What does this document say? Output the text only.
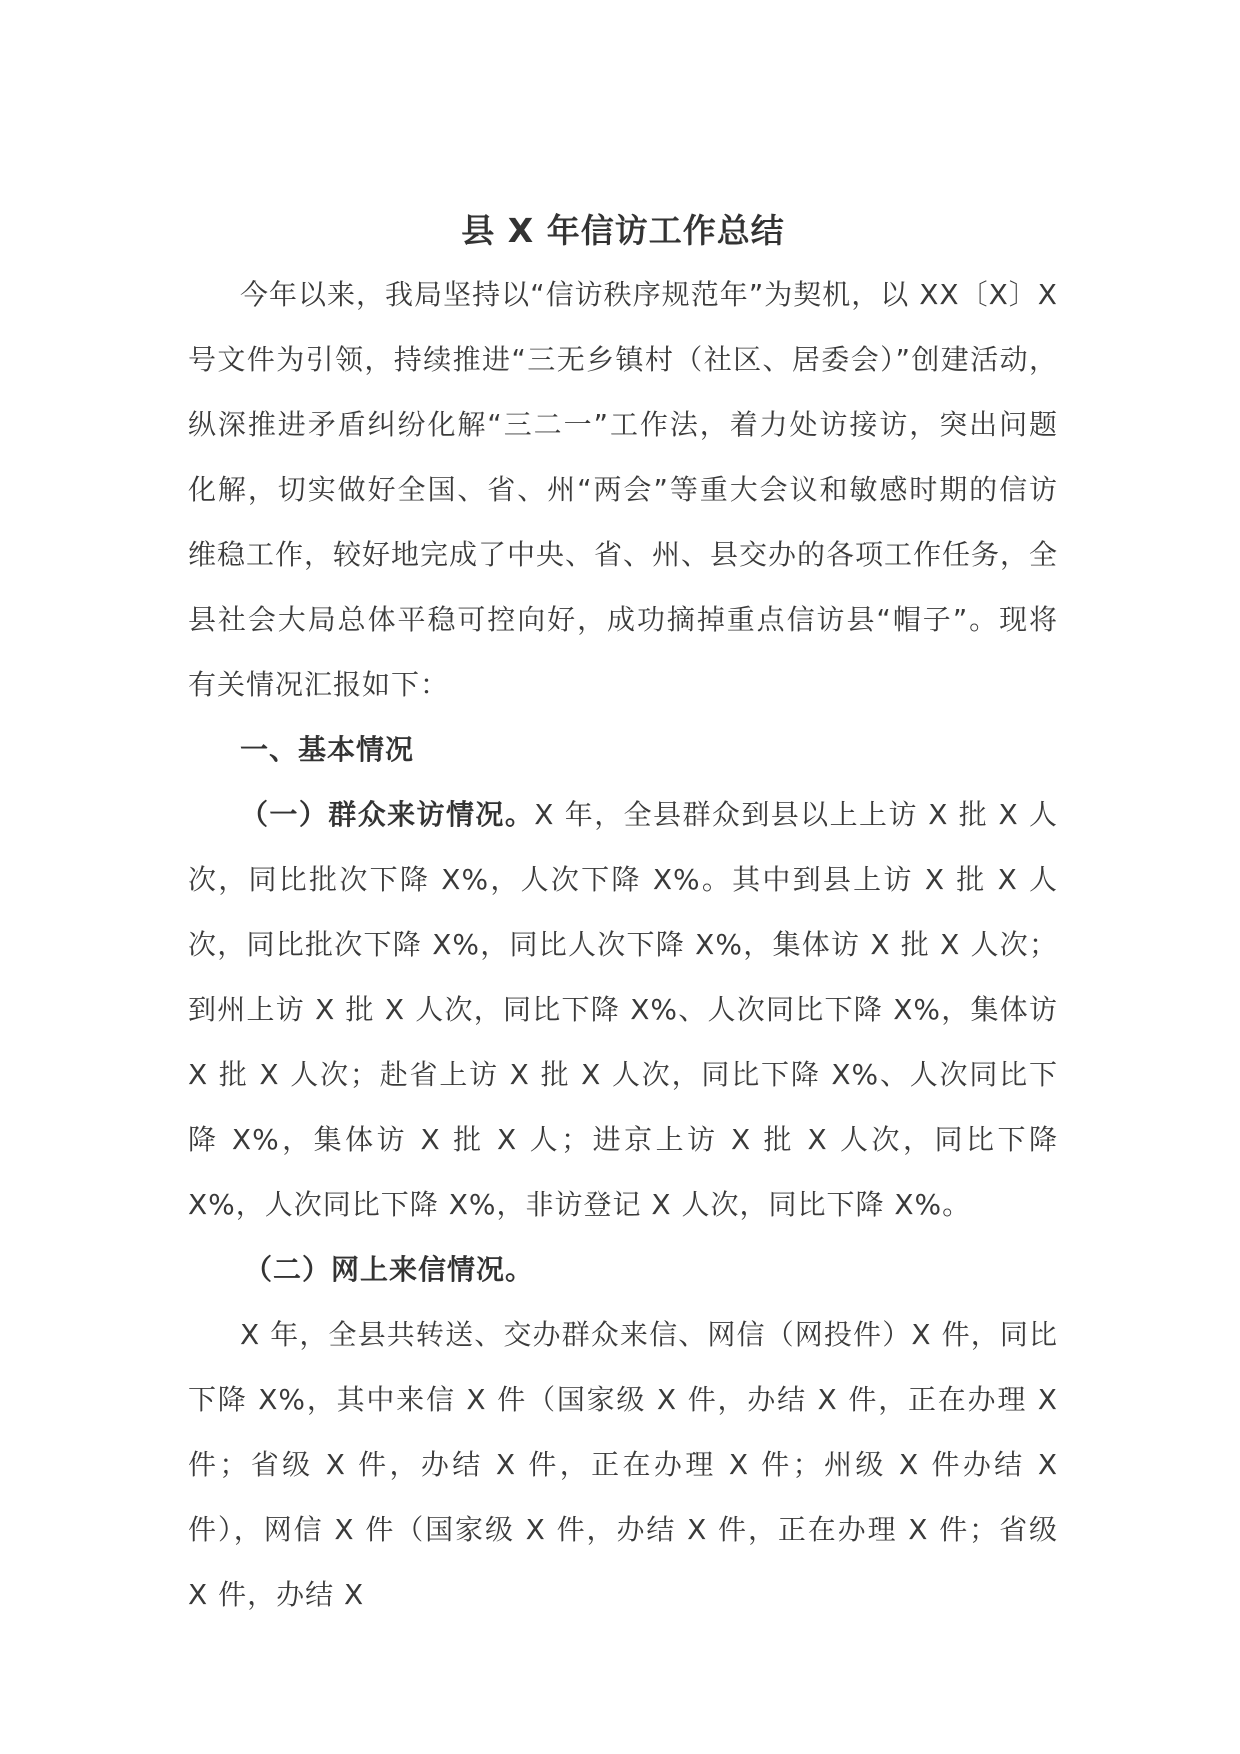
县 X 年信访工作总结

今年以来，我局坚持以“信访秩序规范年”为契机，以 XX〔X〕X 号文件为引领，持续推进“三无乡镇村（社区、居委会）”创建活动，纵深推进矛盾纠纷化解“三二一”工作法，着力处访接访，突出问题化解，切实做好全国、省、州“两会”等重大会议和敏感时期的信访维稳工作，较好地完成了中央、省、州、县交办的各项工作任务，全县社会大局总体平稳可控向好，成功摘掉重点信访县“帽子”。现将有关情况汇报如下：

一、基本情况

（一）群众来访情况。X 年，全县群众到县以上上访 X 批 X 人次，同比批次下降 X%，人次下降 X%。其中到县上访 X 批 X 人次，同比批次下降 X%，同比人次下降 X%，集体访 X 批 X 人次；到州上访 X 批 X 人次，同比下降 X%、人次同比下降 X%，集体访 X 批 X 人次；赴省上访 X 批 X 人次，同比下降 X%、人次同比下降 X%，集体访 X 批 X 人；进京上访 X 批 X 人次，同比下降 X%，人次同比下降 X%，非访登记 X 人次，同比下降 X%。

（二）网上来信情况。

X 年，全县共转送、交办群众来信、网信（网投件）X 件，同比下降 X%，其中来信 X 件（国家级 X 件，办结 X 件，正在办理 X 件；省级 X 件，办结 X 件，正在办理 X 件；州级 X 件办结 X 件），网信 X 件（国家级 X 件，办结 X 件，正在办理 X 件；省级 X 件，办结 X
